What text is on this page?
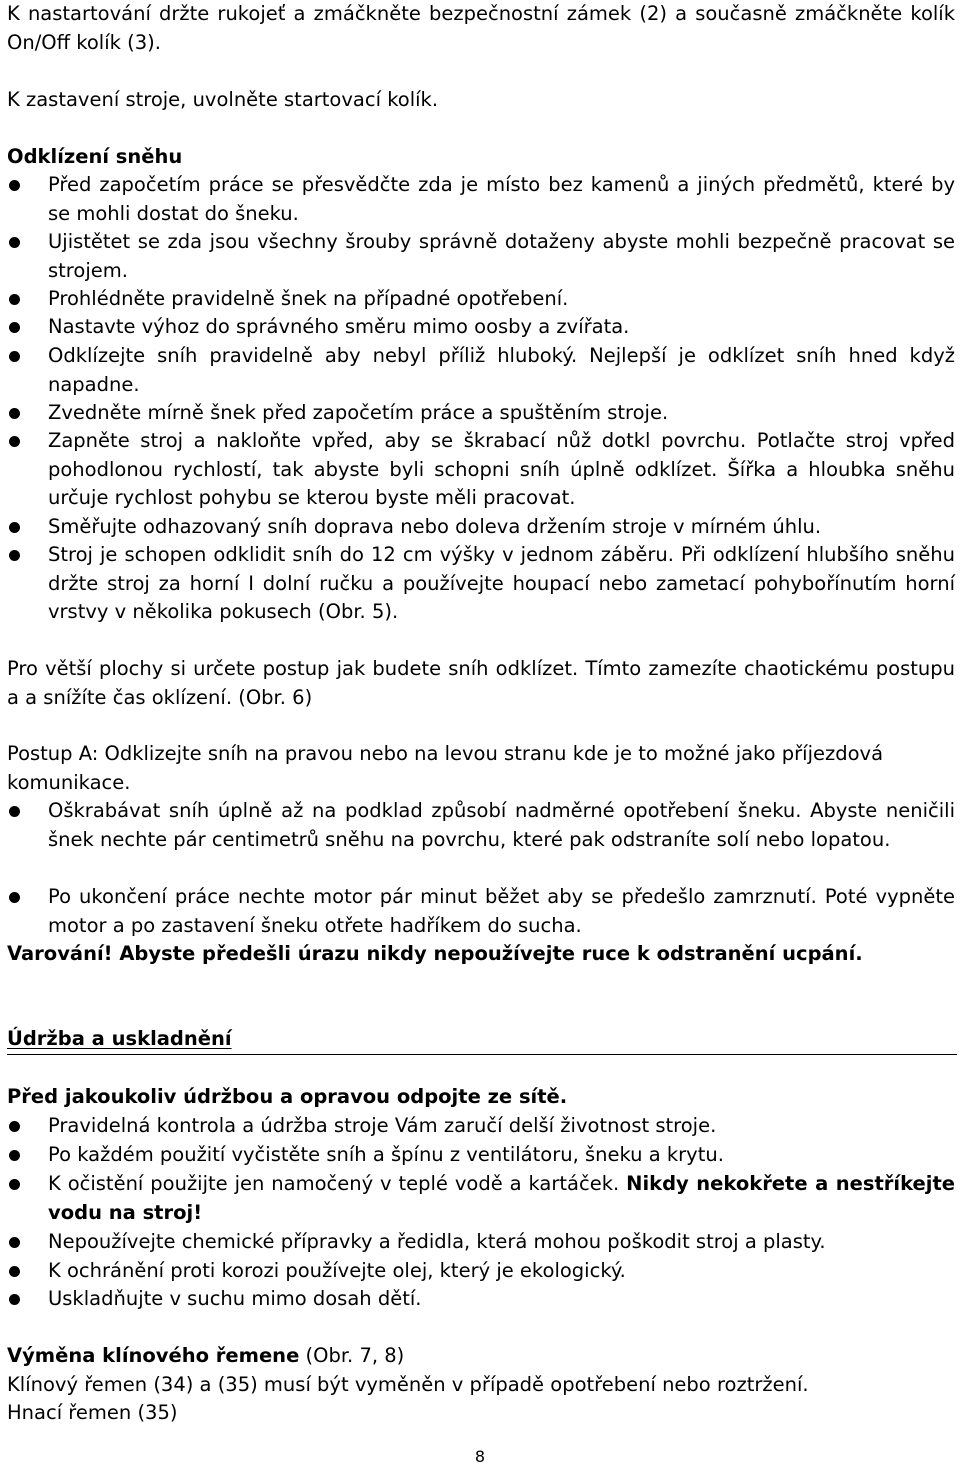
K nastartování držte rukojeť a zmáčkněte bezpečnostní zámek (2) a současně zmáčkněte kolík On/Off kolík (3).

K zastavení stroje, uvolněte startovací kolík.

Odklízení sněhu

Před započetím práce se přesvědčte zda je místo bez kamenů a jiných předmětů, které by se mohli dostat do šneku.
Ujistětet se zda jsou všechny šrouby správně dotaženy abyste mohli bezpečně pracovat se strojem.
Prohlédněte pravidelně šnek na případné opotřebení.
Nastavte výhoz do správného směru mimo oosby a zvířata.
Odklízejte sníh pravidelně aby nebyl příliž hluboký. Nejlepší je odklízet sníh hned když napadne.
Zvedněte mírně šnek před započetím práce a spuštěním stroje.
Zapněte stroj a nakloňte vpřed, aby se škrabací nůž dotkl povrchu. Potlačte stroj vpřed pohodlonou rychlostí, tak abyste byli schopni sníh úplně odklízet. Šířka a hloubka sněhu určuje rychlost pohybu se kterou byste měli pracovat.
Směřujte odhazovaný sníh doprava nebo doleva držením stroje v mírném úhlu.
Stroj je schopen odklidit sníh do 12 cm výšky v jednom záběru. Při odklízení hlubšího sněhu držte stroj za horní I dolní ručku a používejte houpací nebo zametací pohybořínutím horní vrstvy v několika pokusech (Obr. 5).

Pro větší plochy si určete postup jak budete sníh odklízet. Tímto zamezíte chaotickému postupu a a snížíte čas oklízení. (Obr. 6)

Postup A: Odklizejte sníh na pravou nebo na levou stranu kde je to možné jako příjezdová komunikace.

Oškrabávat sníh úplně až na podklad způsobí nadměrné opotřebení šneku. Abyste neničili šnek nechte pár centimetrů sněhu na povrchu, které pak odstraníte solí nebo lopatou.
Po ukončení práce nechte motor pár minut běžet aby se předešlo zamrznutí. Poté vypněte motor a po zastavení šneku otřete hadříkem do sucha.

Varování! Abyste předešli úrazu nikdy nepoužívejte ruce k odstranění ucpání.

Údržba a uskladnění

Před jakoukoliv údržbou a opravou odpojte ze sítě.

Pravidelná kontrola a údržba stroje Vám zaručí delší životnost stroje.
Po každém použití vyčistěte sníh a špínu z ventilátoru, šneku a krytu.
K očistění použijte jen namočený v teplé vodě a kartáček. Nikdy nekokřete a nestříkejte vodu na stroj!
Nepoužívejte chemické přípravky a ředidla, která mohou poškodit stroj a plasty.
K ochránění proti korozi používejte olej, který je ekologický.
Uskladňujte v suchu mimo dosah dětí.

Výměna klínového řemene (Obr. 7, 8)

Klínový řemen (34) a (35) musí být vyměněn v případě opotřebení nebo roztržení.

Hnací řemen (35)

8
